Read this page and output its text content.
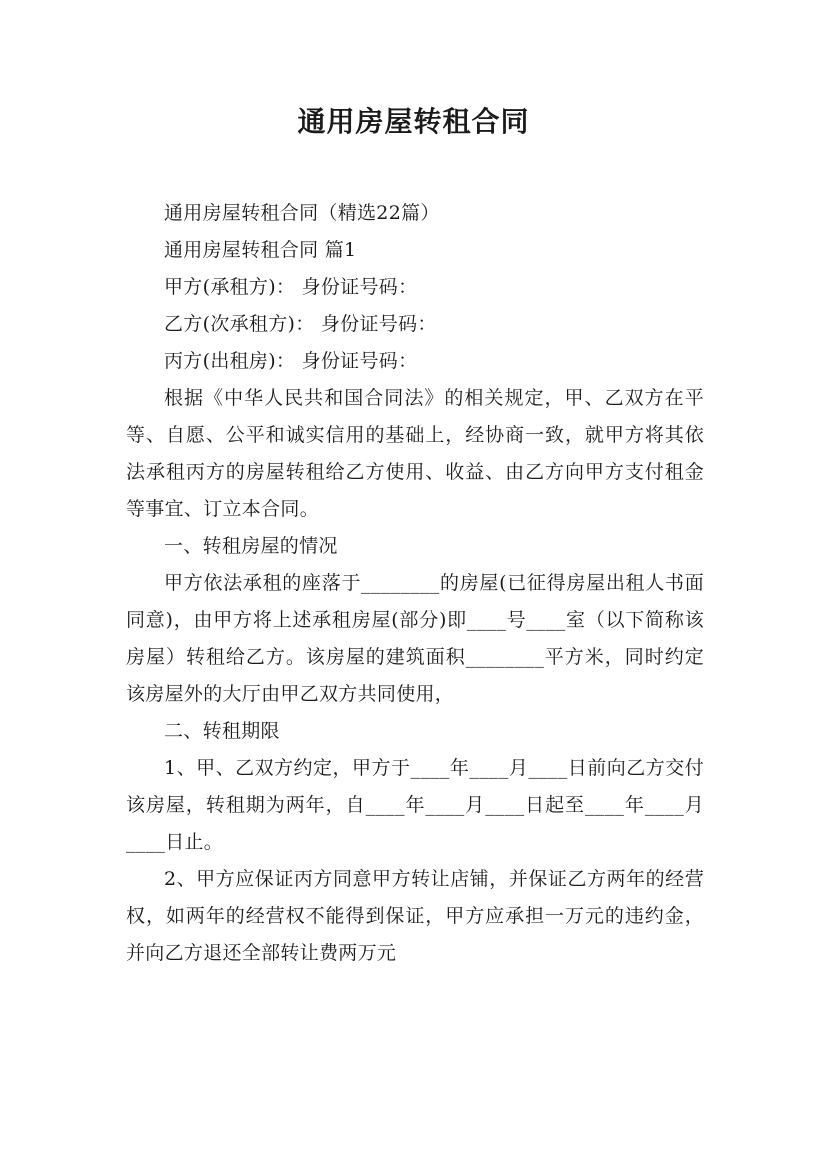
通用房屋转租合同

通用房屋转租合同（精选22篇）

通用房屋转租合同 篇1

甲方(承租方)： 身份证号码：

乙方(次承租方)： 身份证号码：

丙方(出租房)： 身份证号码：

根据《中华人民共和国合同法》的相关规定，甲、乙双方在平等、自愿、公平和诚实信用的基础上，经协商一致，就甲方将其依法承租丙方的房屋转租给乙方使用、收益、由乙方向甲方支付租金等事宜、订立本合同。

一、转租房屋的情况

甲方依法承租的座落于________的房屋(已征得房屋出租人书面同意)，由甲方将上述承租房屋(部分)即____号____室（以下简称该房屋）转租给乙方。该房屋的建筑面积________平方米，同时约定该房屋外的大厅由甲乙双方共同使用，

二、转租期限

1、甲、乙双方约定，甲方于____年____月____日前向乙方交付该房屋，转租期为两年，自____年____月____日起至____年____月____日止。

2、甲方应保证丙方同意甲方转让店铺，并保证乙方两年的经营权，如两年的经营权不能得到保证，甲方应承担一万元的违约金，并向乙方退还全部转让费两万元
